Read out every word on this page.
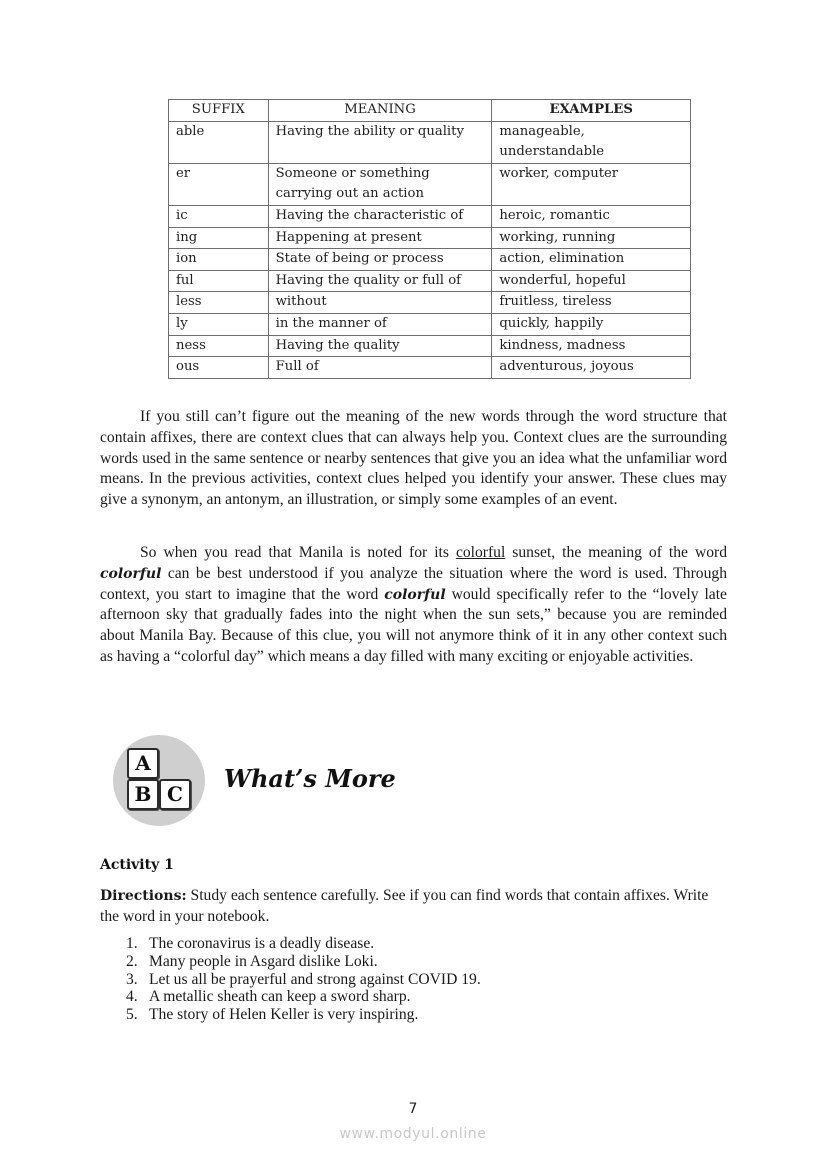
SUFFIX	MEANING	EXAMPLES
able	Having the ability or quality	manageable, understandable
er	Someone or something carrying out an action	worker, computer
ic	Having the characteristic of	heroic, romantic
ing	Happening at present	working, running
ion	State of being or process	action, elimination
ful	Having the quality or full of	wonderful, hopeful
less	without	fruitless, tireless
ly	in the manner of	quickly, happily
ness	Having the quality	kindness, madness
ous	Full of	adventurous, joyous

If you still can’t figure out the meaning of the new words through the word structure that contain affixes, there are context clues that can always help you. Context clues are the surrounding words used in the same sentence or nearby sentences that give you an idea what the unfamiliar word means. In the previous activities, context clues helped you identify your answer. These clues may give a synonym, an antonym, an illustration, or simply some examples of an event.

So when you read that Manila is noted for its colorful sunset, the meaning of the word colorful can be best understood if you analyze the situation where the word is used. Through context, you start to imagine that the word colorful would specifically refer to the “lovely late afternoon sky that gradually fades into the night when the sun sets,” because you are reminded about Manila Bay. Because of this clue, you will not anymore think of it in any other context such as having a “colorful day” which means a day filled with many exciting or enjoyable activities.

A
B C
What’s More
Activity 1

Directions: Study each sentence carefully. See if you can find words that contain affixes. Write the word in your notebook.

1. The coronavirus is a deadly disease.
2. Many people in Asgard dislike Loki.
3. Let us all be prayerful and strong against COVID 19.
4. A metallic sheath can keep a sword sharp.
5. The story of Helen Keller is very inspiring.
7
www.modyul.online
